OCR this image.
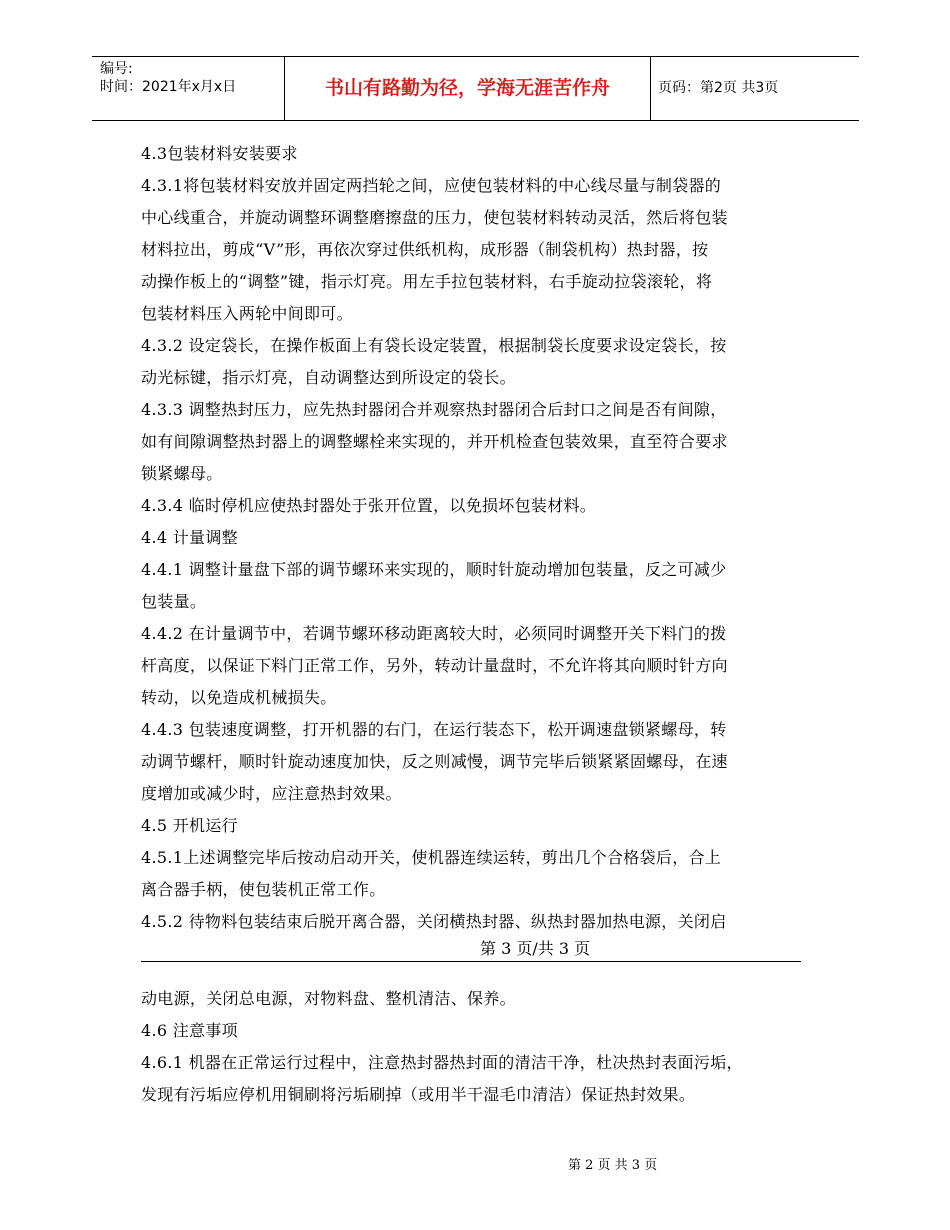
编号:
时间：2021年x月x日	书山有路勤为径，学海无涯苦作舟	页码：第2页 共3页

4.3包装材料安装要求

4.3.1将包装材料安放并固定两挡轮之间，应使包装材料的中心线尽量与制袋器的

中心线重合，并旋动调整环调整磨擦盘的压力，使包装材料转动灵活，然后将包装

材料拉出，剪成“V”形，再依次穿过供纸机构，成形器（制袋机构）热封器，按

动操作板上的“调整”键，指示灯亮。用左手拉包装材料，右手旋动拉袋滚轮，将

包装材料压入两轮中间即可。

4.3.2 设定袋长，在操作板面上有袋长设定装置，根据制袋长度要求设定袋长，按

动光标键，指示灯亮，自动调整达到所设定的袋长。

4.3.3 调整热封压力，应先热封器闭合并观察热封器闭合后封口之间是否有间隙，

如有间隙调整热封器上的调整螺栓来实现的，并开机检查包装效果，直至符合要求

锁紧螺母。

4.3.4 临时停机应使热封器处于张开位置，以免损坏包装材料。

4.4 计量调整

4.4.1 调整计量盘下部的调节螺环来实现的，顺时针旋动增加包装量，反之可减少

包装量。

4.4.2 在计量调节中，若调节螺环移动距离较大时，必须同时调整开关下料门的拨

杆高度，以保证下料门正常工作，另外，转动计量盘时，不允许将其向顺时针方向

转动，以免造成机械损失。

4.4.3 包装速度调整，打开机器的右门，在运行装态下，松开调速盘锁紧螺母，转

动调节螺杆，顺时针旋动速度加快，反之则减慢，调节完毕后锁紧紧固螺母，在速

度增加或减少时，应注意热封效果。

4.5 开机运行

4.5.1上述调整完毕后按动启动开关，使机器连续运转，剪出几个合格袋后，合上

离合器手柄，使包装机正常工作。

4.5.2 待物料包装结束后脱开离合器，关闭横热封器、纵热封器加热电源，关闭启

第 3 页/共 3 页

动电源，关闭总电源，对物料盘、整机清洁、保养。

4.6 注意事项

4.6.1 机器在正常运行过程中，注意热封器热封面的清洁干净，杜决热封表面污垢，

发现有污垢应停机用铜刷将污垢刷掉（或用半干湿毛巾清洁）保证热封效果。

第 2 页 共 3 页
